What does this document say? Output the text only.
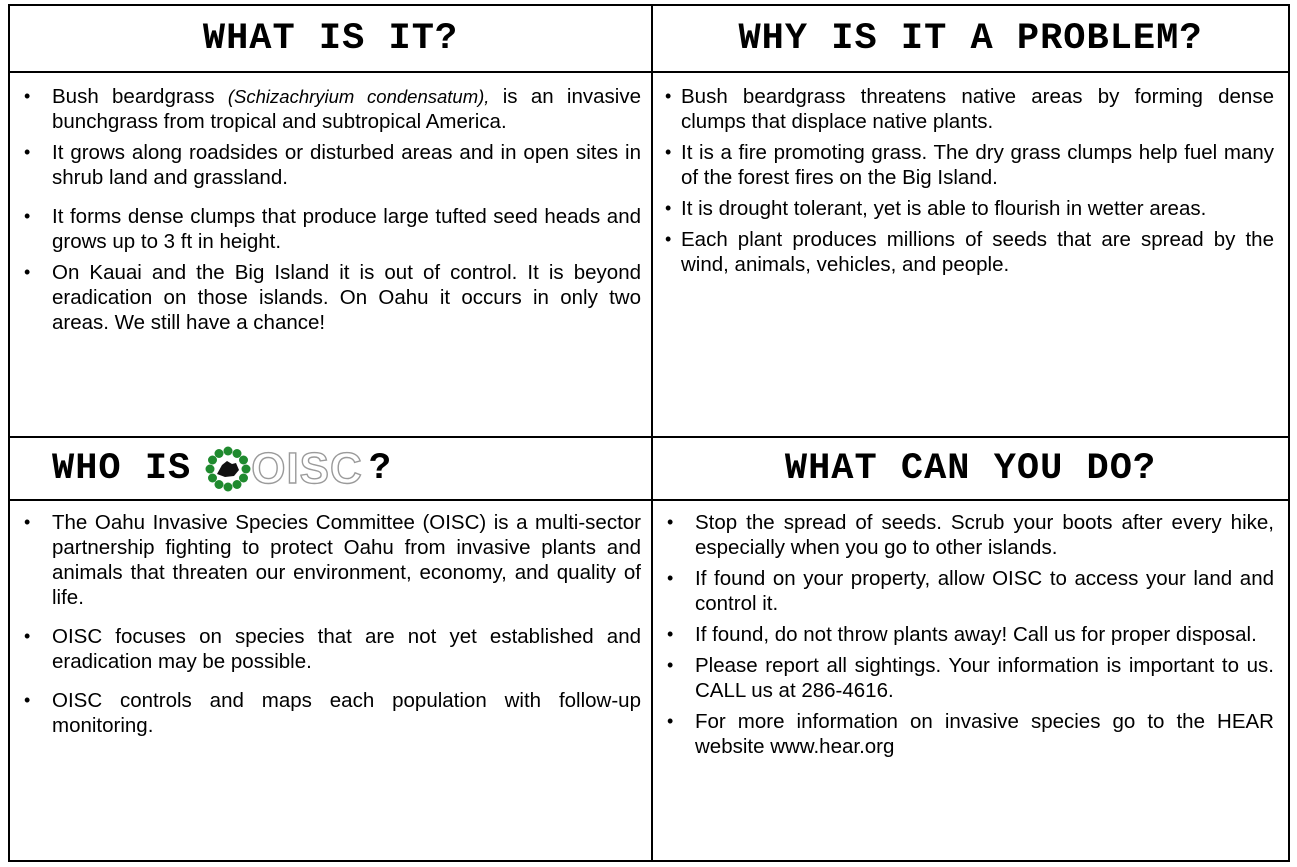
WHAT IS IT?	WHY IS IT A PROBLEM?
• Bush beardgrass (Schizachryium condensatum), is an invasive bunchgrass from tropical and subtropical America.
• It grows along roadsides or disturbed areas and in open sites in shrub land and grassland.
• It forms dense clumps that produce large tufted seed heads and grows up to 3 ft in height.
• On Kauai and the Big Island it is out of control. It is beyond eradication on those islands. On Oahu it occurs in only two areas. We still have a chance!
• Bush beardgrass threatens native areas by forming dense clumps that displace native plants.
• It is a fire promoting grass. The dry grass clumps help fuel many of the forest fires on the Big Island.
• It is drought tolerant, yet is able to flourish in wetter areas.
• Each plant produces millions of seeds that are spread by the wind, animals, vehicles, and people.
WHO IS OISC ?	WHAT CAN YOU DO?
• The Oahu Invasive Species Committee (OISC) is a multi-sector partnership fighting to protect Oahu from invasive plants and animals that threaten our environment, economy, and quality of life.
• OISC focuses on species that are not yet established and eradication may be possible.
• OISC controls and maps each population with follow-up monitoring.
• Stop the spread of seeds. Scrub your boots after every hike, especially when you go to other islands.
• If found on your property, allow OISC to access your land and control it.
• If found, do not throw plants away! Call us for proper disposal.
• Please report all sightings. Your information is important to us. CALL us at 286-4616.
• For more information on invasive species go to the HEAR website www.hear.org
